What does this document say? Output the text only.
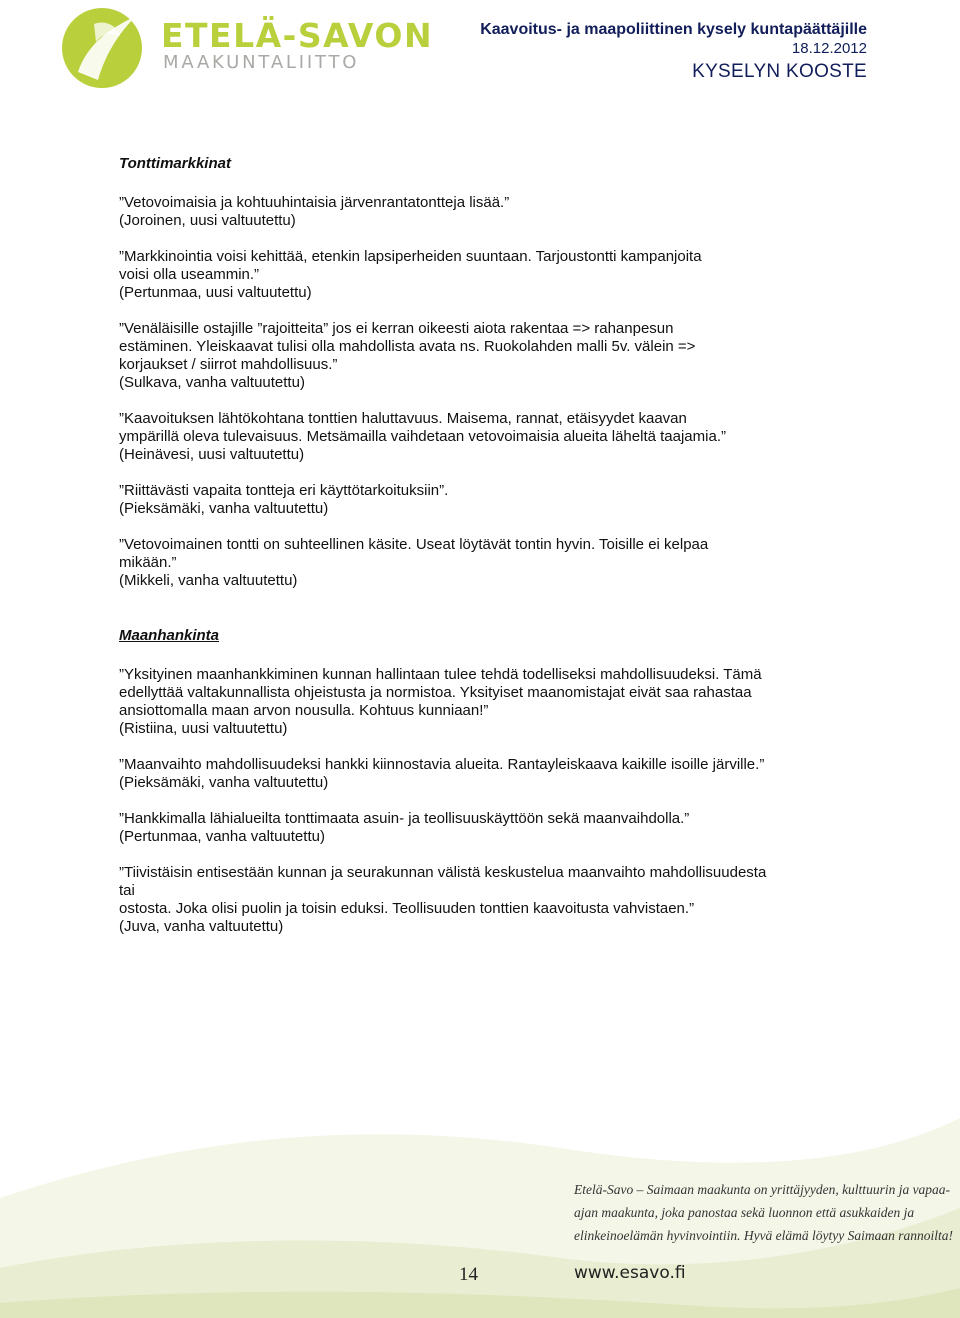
ETELÄ-SAVON
MAAKUNTALIITTO
Kaavoitus- ja maapoliittinen kysely kuntapäättäjille
18.12.2012
KYSELYN KOOSTE
Tonttimarkkinat

”Vetovoimaisia ja kohtuuhintaisia järvenrantatontteja lisää.”

(Joroinen, uusi valtuutettu)

”Markkinointia voisi kehittää, etenkin lapsiperheiden suuntaan. Tarjoustontti kampanjoita

voisi olla useammin.”

(Pertunmaa, uusi valtuutettu)

”Venäläisille ostajille ”rajoitteita” jos ei kerran oikeesti aiota rakentaa => rahanpesun

estäminen. Yleiskaavat tulisi olla mahdollista avata ns. Ruokolahden malli 5v. välein =>

korjaukset / siirrot mahdollisuus.”

(Sulkava, vanha valtuutettu)

”Kaavoituksen lähtökohtana tonttien haluttavuus. Maisema, rannat, etäisyydet kaavan

ympärillä oleva tulevaisuus. Metsämailla vaihdetaan vetovoimaisia alueita läheltä taajamia.”

(Heinävesi, uusi valtuutettu)

”Riittävästi vapaita tontteja eri käyttötarkoituksiin”.

(Pieksämäki, vanha valtuutettu)

”Vetovoimainen tontti on suhteellinen käsite. Useat löytävät tontin hyvin. Toisille ei kelpaa

mikään.”

(Mikkeli, vanha valtuutettu)

Maanhankinta

”Yksityinen maanhankkiminen kunnan hallintaan tulee tehdä todelliseksi mahdollisuudeksi. Tämä

edellyttää valtakunnallista ohjeistusta ja normistoa. Yksityiset maanomistajat eivät saa rahastaa

ansiottomalla maan arvon nousulla. Kohtuus kunniaan!”

(Ristiina, uusi valtuutettu)

”Maanvaihto mahdollisuudeksi hankki kiinnostavia alueita. Rantayleiskaava kaikille isoille järville.”

(Pieksämäki, vanha valtuutettu)

”Hankkimalla lähialueilta tonttimaata asuin- ja teollisuuskäyttöön sekä maanvaihdolla.”

(Pertunmaa, vanha valtuutettu)

”Tiivistäisin entisestään kunnan ja seurakunnan välistä keskustelua maanvaihto mahdollisuudesta tai

ostosta. Joka olisi puolin ja toisin eduksi. Teollisuuden tonttien kaavoitusta vahvistaen.”

(Juva, vanha valtuutettu)

Etelä-Savo – Saimaan maakunta on yrittäjyyden, kulttuurin ja vapaa-
ajan maakunta, joka panostaa sekä luonnon että asukkaiden ja
elinkeinoelämän hyvinvointiin. Hyvä elämä löytyy Saimaan rannoilta!
14	www.esavo.fi
